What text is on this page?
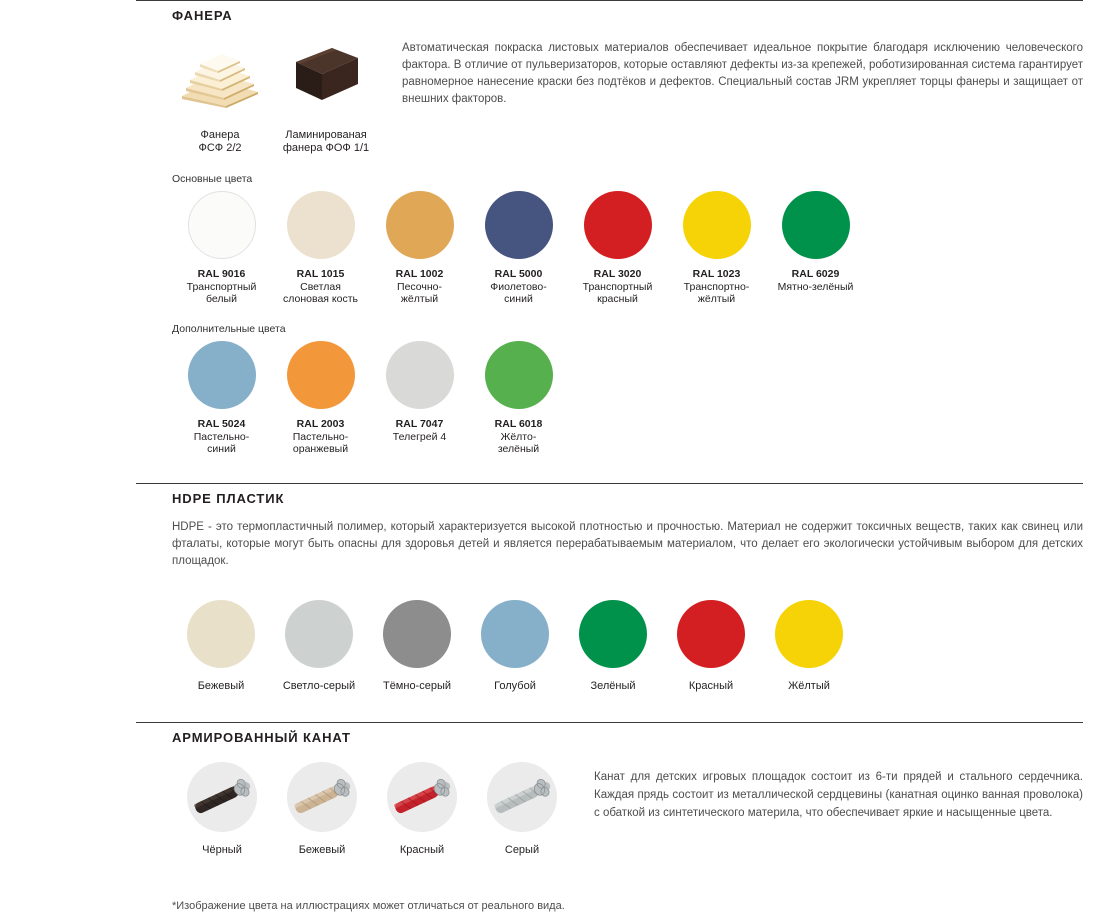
ФАНЕРА
Фанера
ФСФ 2/2
Ламинированая
фанера ФОФ 1/1
Автоматическая покраска листовых материалов обеспечивает идеальное покрытие благодаря исключению человеческого фактора. В отличие от пульверизаторов, которые оставляют дефекты из-за крепежей, роботизированная система гарантирует равномерное нанесение краски без подтёков и дефектов. Специальный состав JRM укрепляет торцы фанеры и защищает от внешних факторов.
Основные цвета
RAL 9016
Транспортный
белый
RAL 1015
Светлая
слоновая кость
RAL 1002
Песочно-
жёлтый
RAL 5000
Фиолетово-
синий
RAL 3020
Транспортный
красный
RAL 1023
Транспортно-
жёлтый
RAL 6029
Мятно-зелёный
Дополнительные цвета
RAL 5024
Пастельно-
синий
RAL 2003
Пастельно-
оранжевый
RAL 7047
Телегрей 4
RAL 6018
Жёлто-
зелёный
HDPE ПЛАСТИК
HDPE - это термопластичный полимер, который характеризуется высокой плотностью и прочностью. Материал не содержит токсичных веществ, таких как свинец или фталаты, которые могут быть опасны для здоровья детей и является перерабатываемым материалом, что делает его экологически устойчивым выбором для детских площадок.
Бежевый	Светло-серый	Тёмно-серый	Голубой	Зелёный	Красный	Жёлтый
АРМИРОВАННЫЙ КАНАТ
Чёрный	Бежевый	Красный	Серый
Канат для детских игровых площадок состоит из 6-ти прядей и стального сердечника. Каждая прядь состоит из металлической сердцевины (канатная оцинко ванная проволока) с обаткой из синтетического материла, что обеспечивает яркие и насыщенные цвета.
*Изображение цвета на иллюстрациях может отличаться от реального вида.
